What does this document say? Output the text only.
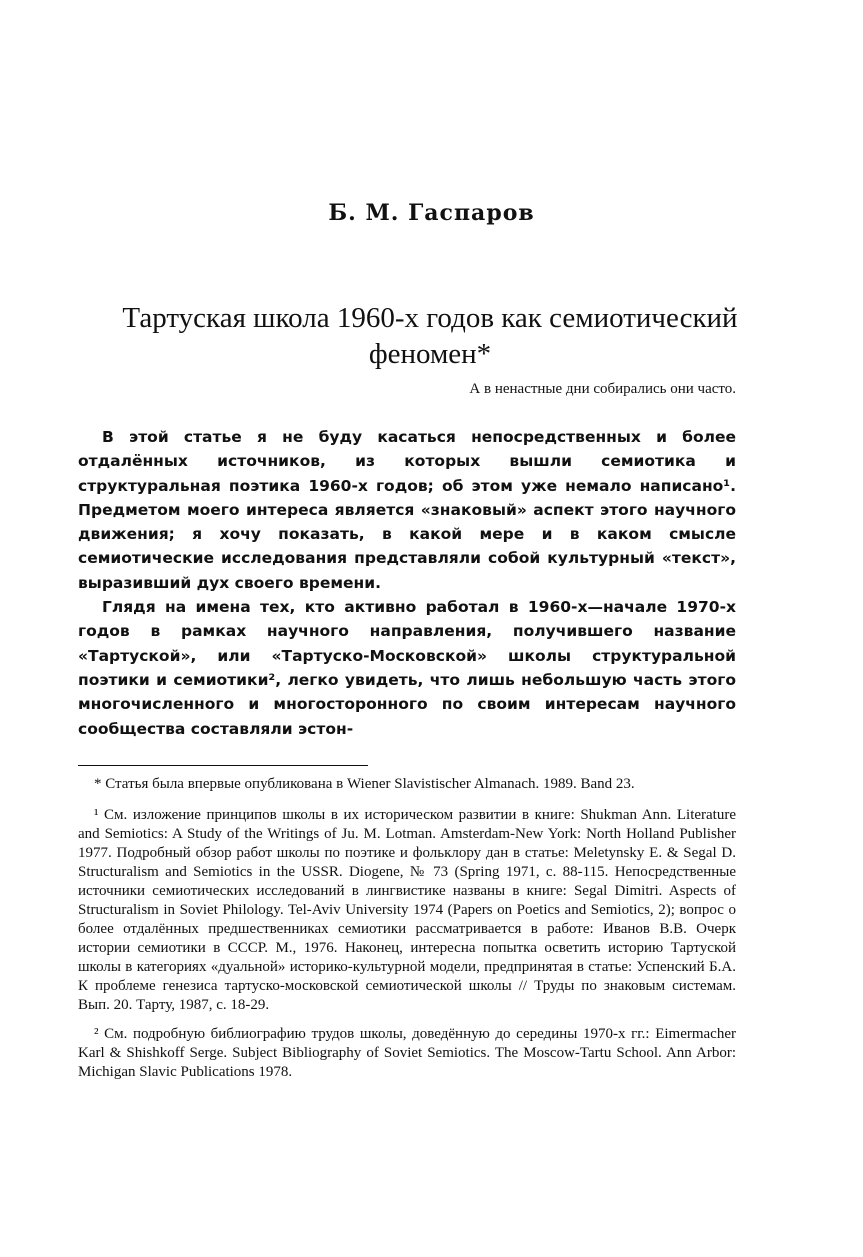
Б. М. Гаспаров
Тартуская школа 1960-х годов как семиотический феномен*
А в ненастные дни собирались они часто.

В этой статье я не буду касаться непосредственных и более отдалённых источников, из которых вышли семиотика и структуральная поэтика 1960-х годов; об этом уже немало написано¹. Предметом моего интереса является «знаковый» аспект этого научного движения; я хочу показать, в какой мере и в каком смысле семиотические исследования представляли собой культурный «текст», выразивший дух своего времени.

Глядя на имена тех, кто активно работал в 1960-х—начале 1970-х годов в рамках научного направления, получившего название «Тартуской», или «Тартуско-Московской» школы структуральной поэтики и семиотики², легко увидеть, что лишь небольшую часть этого многочисленного и многосторонного по своим интересам научного сообщества составляли эстон-

* Статья была впервые опубликована в Wiener Slavistischer Almanach. 1989. Band 23.

¹ См. изложение принципов школы в их историческом развитии в книге: Shukman Ann. Literature and Semiotics: A Study of the Writings of Ju. M. Lotman. Amsterdam-New York: North Holland Publisher 1977. Подробный обзор работ школы по поэтике и фольклору дан в статье: Meletynsky E. & Segal D. Structuralism and Semiotics in the USSR. Diogene, № 73 (Spring 1971, с. 88-115. Непосредственные источники семиотических исследований в лингвистике названы в книге: Segal Dimitri. Aspects of Structuralism in Soviet Philology. Tel-Aviv University 1974 (Papers on Poetics and Semiotics, 2); вопрос о более отдалённых предшественниках семиотики рассматривается в работе: Иванов В.В. Очерк истории семиотики в СССР. М., 1976. Наконец, интересна попытка осветить историю Тартуской школы в категориях «дуальной» историко-культурной модели, предпринятая в статье: Успенский Б.А. К проблеме генезиса тартуско-московской семиотической школы // Труды по знаковым системам. Вып. 20. Тарту, 1987, с. 18-29.

² См. подробную библиографию трудов школы, доведённую до середины 1970-х гг.: Eimermacher Karl & Shishkoff Serge. Subject Bibliography of Soviet Semiotics. The Moscow-Tartu School. Ann Arbor: Michigan Slavic Publications 1978.
